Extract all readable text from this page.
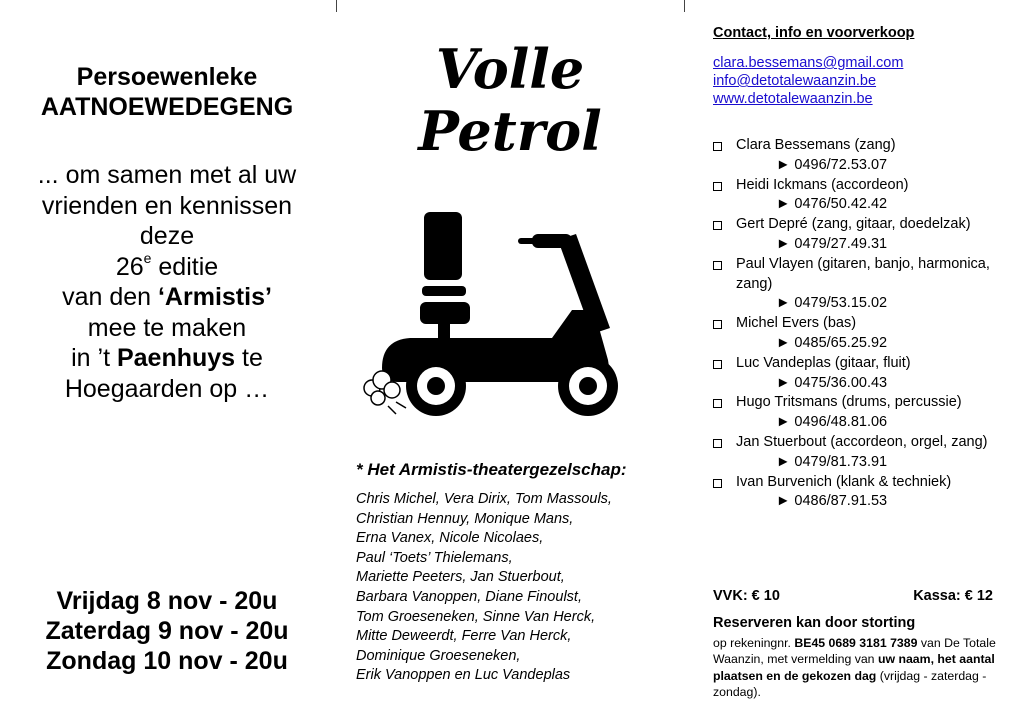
Persoewenleke
AATNOEWEDEGENG
... om samen met al uw
vrienden en kennissen
deze
26e editie
van den ‘Armistis’
mee te maken
in ’t Paenhuys te
Hoegaarden op …
Vrijdag 8 nov - 20u
Zaterdag 9 nov - 20u
Zondag 10 nov - 20u
Volle
Petrol
* Het Armistis-theatergezelschap:
Chris Michel, Vera Dirix, Tom Massouls,
Christian Hennuy, Monique Mans,
Erna Vanex, Nicole Nicolaes,
Paul ‘Toets’ Thielemans,
Mariette Peeters, Jan Stuerbout,
Barbara Vanoppen, Diane Finoulst,
Tom Groeseneken, Sinne Van Herck,
Mitte Deweerdt, Ferre Van Herck,
Dominique Groeseneken,
Erik Vanoppen en Luc Vandeplas
Contact, info en voorverkoop
clara.bessemans@gmail.com
info@detotalewaanzin.be
www.detotalewaanzin.be
Clara Bessemans (zang)
► 0496/72.53.07
Heidi Ickmans (accordeon)
► 0476/50.42.42
Gert Depré (zang, gitaar, doedelzak)
► 0479/27.49.31
Paul Vlayen (gitaren, banjo, harmonica, zang)
► 0479/53.15.02
Michel Evers (bas)
► 0485/65.25.92
Luc Vandeplas (gitaar, fluit)
► 0475/36.00.43
Hugo Tritsmans (drums, percussie)
► 0496/48.81.06
Jan Stuerbout (accordeon, orgel, zang)
► 0479/81.73.91
Ivan Burvenich (klank & techniek)
► 0486/87.91.53
VVK: € 10	Kassa: € 12
Reserveren kan door storting
op rekeningnr. BE45 0689 3181 7389 van De Totale Waanzin, met vermelding van uw naam, het aantal plaatsen en de gekozen dag (vrijdag - zaterdag - zondag).
